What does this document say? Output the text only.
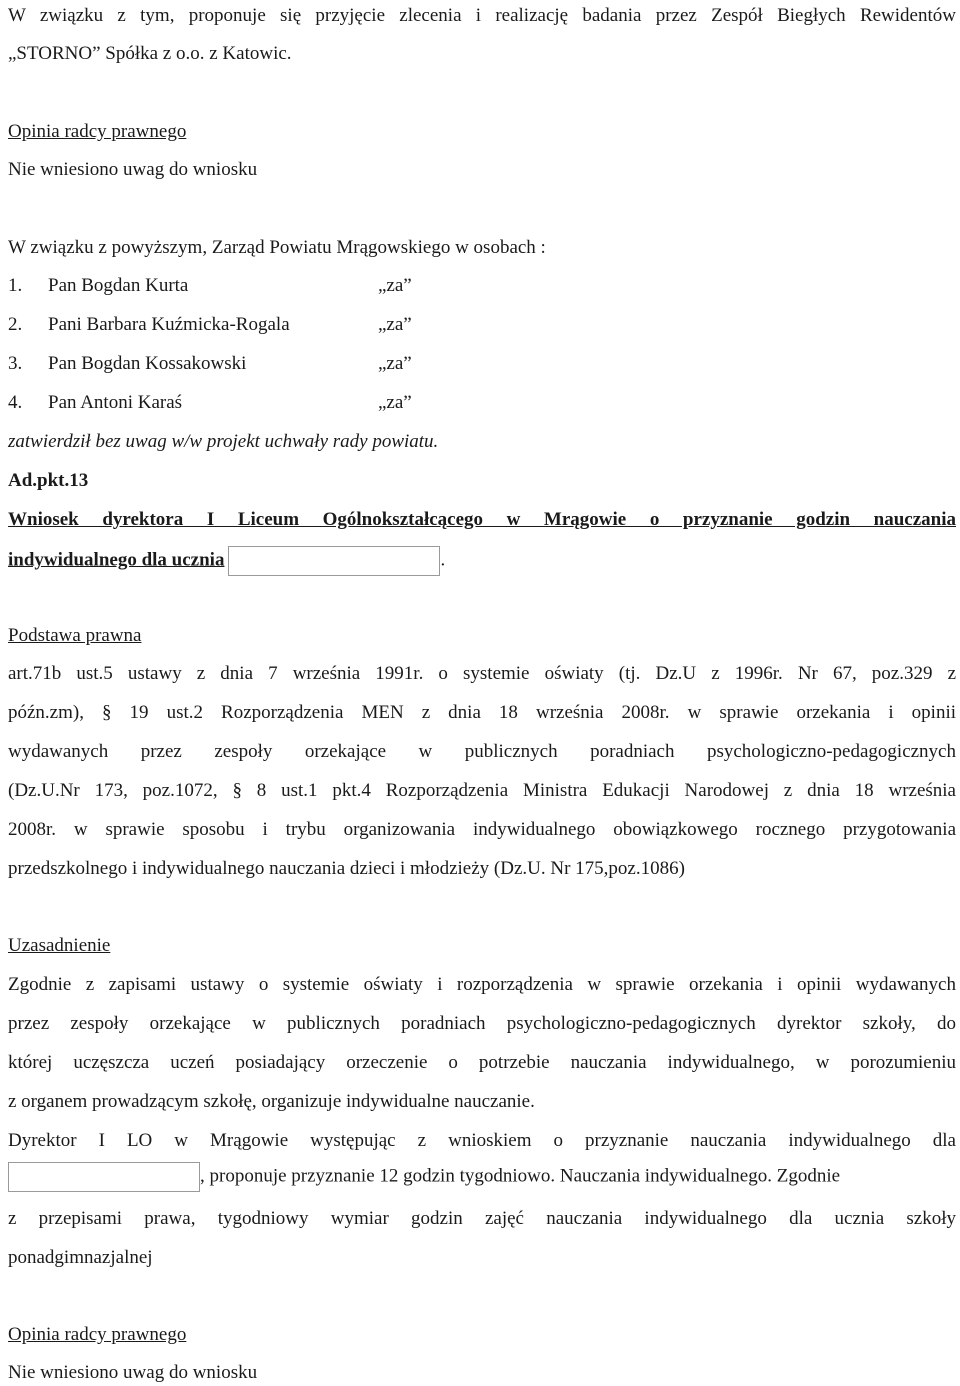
W związku z tym, proponuje się przyjęcie zlecenia i realizację badania przez Zespół Biegłych Rewidentów
„STORNO” Spółka z o.o. z Katowic.
Opinia radcy prawnego
Nie wniesiono uwag do wniosku
W związku z powyższym, Zarząd Powiatu Mrągowskiego w osobach :
1. Pan Bogdan Kurta	„za”
2. Pani Barbara Kuźmicka-Rogala	„za”
3. Pan Bogdan Kossakowski	„za”
4. Pan Antoni Karaś	„za”
zatwierdził bez uwag w/w projekt uchwały rady powiatu.
Ad.pkt.13
Wniosek dyrektora I Liceum Ogólnokształcącego w Mrągowie o przyznanie godzin nauczania
indywidualnego dla ucznia	.
Podstawa prawna
art.71b ust.5 ustawy z dnia 7 września 1991r. o systemie oświaty (tj. Dz.U z 1996r. Nr 67, poz.329 z
późn.zm), § 19 ust.2 Rozporządzenia MEN z dnia 18 września 2008r. w sprawie orzekania i opinii
wydawanych przez zespoły orzekające w publicznych poradniach psychologiczno-pedagogicznych
(Dz.U.Nr 173, poz.1072, § 8 ust.1 pkt.4 Rozporządzenia Ministra Edukacji Narodowej z dnia 18 września
2008r. w sprawie sposobu i trybu organizowania indywidualnego obowiązkowego rocznego przygotowania
przedszkolnego i indywidualnego nauczania dzieci i młodzieży (Dz.U. Nr 175,poz.1086)
Uzasadnienie
Zgodnie z zapisami ustawy o systemie oświaty i rozporządzenia w sprawie orzekania i opinii wydawanych
przez zespoły orzekające w publicznych poradniach psychologiczno-pedagogicznych dyrektor szkoły, do
której uczęszcza uczeń posiadający orzeczenie o potrzebie nauczania indywidualnego, w porozumieniu
z organem prowadzącym szkołę, organizuje indywidualne nauczanie.
Dyrektor I LO w Mrągowie występując z wnioskiem o przyznanie nauczania indywidualnego dla
, proponuje przyznanie 12 godzin tygodniowo. Nauczania indywidualnego. Zgodnie
z przepisami prawa, tygodniowy wymiar godzin zajęć nauczania indywidualnego dla ucznia szkoły
ponadgimnazjalnej
Opinia radcy prawnego
Nie wniesiono uwag do wniosku
